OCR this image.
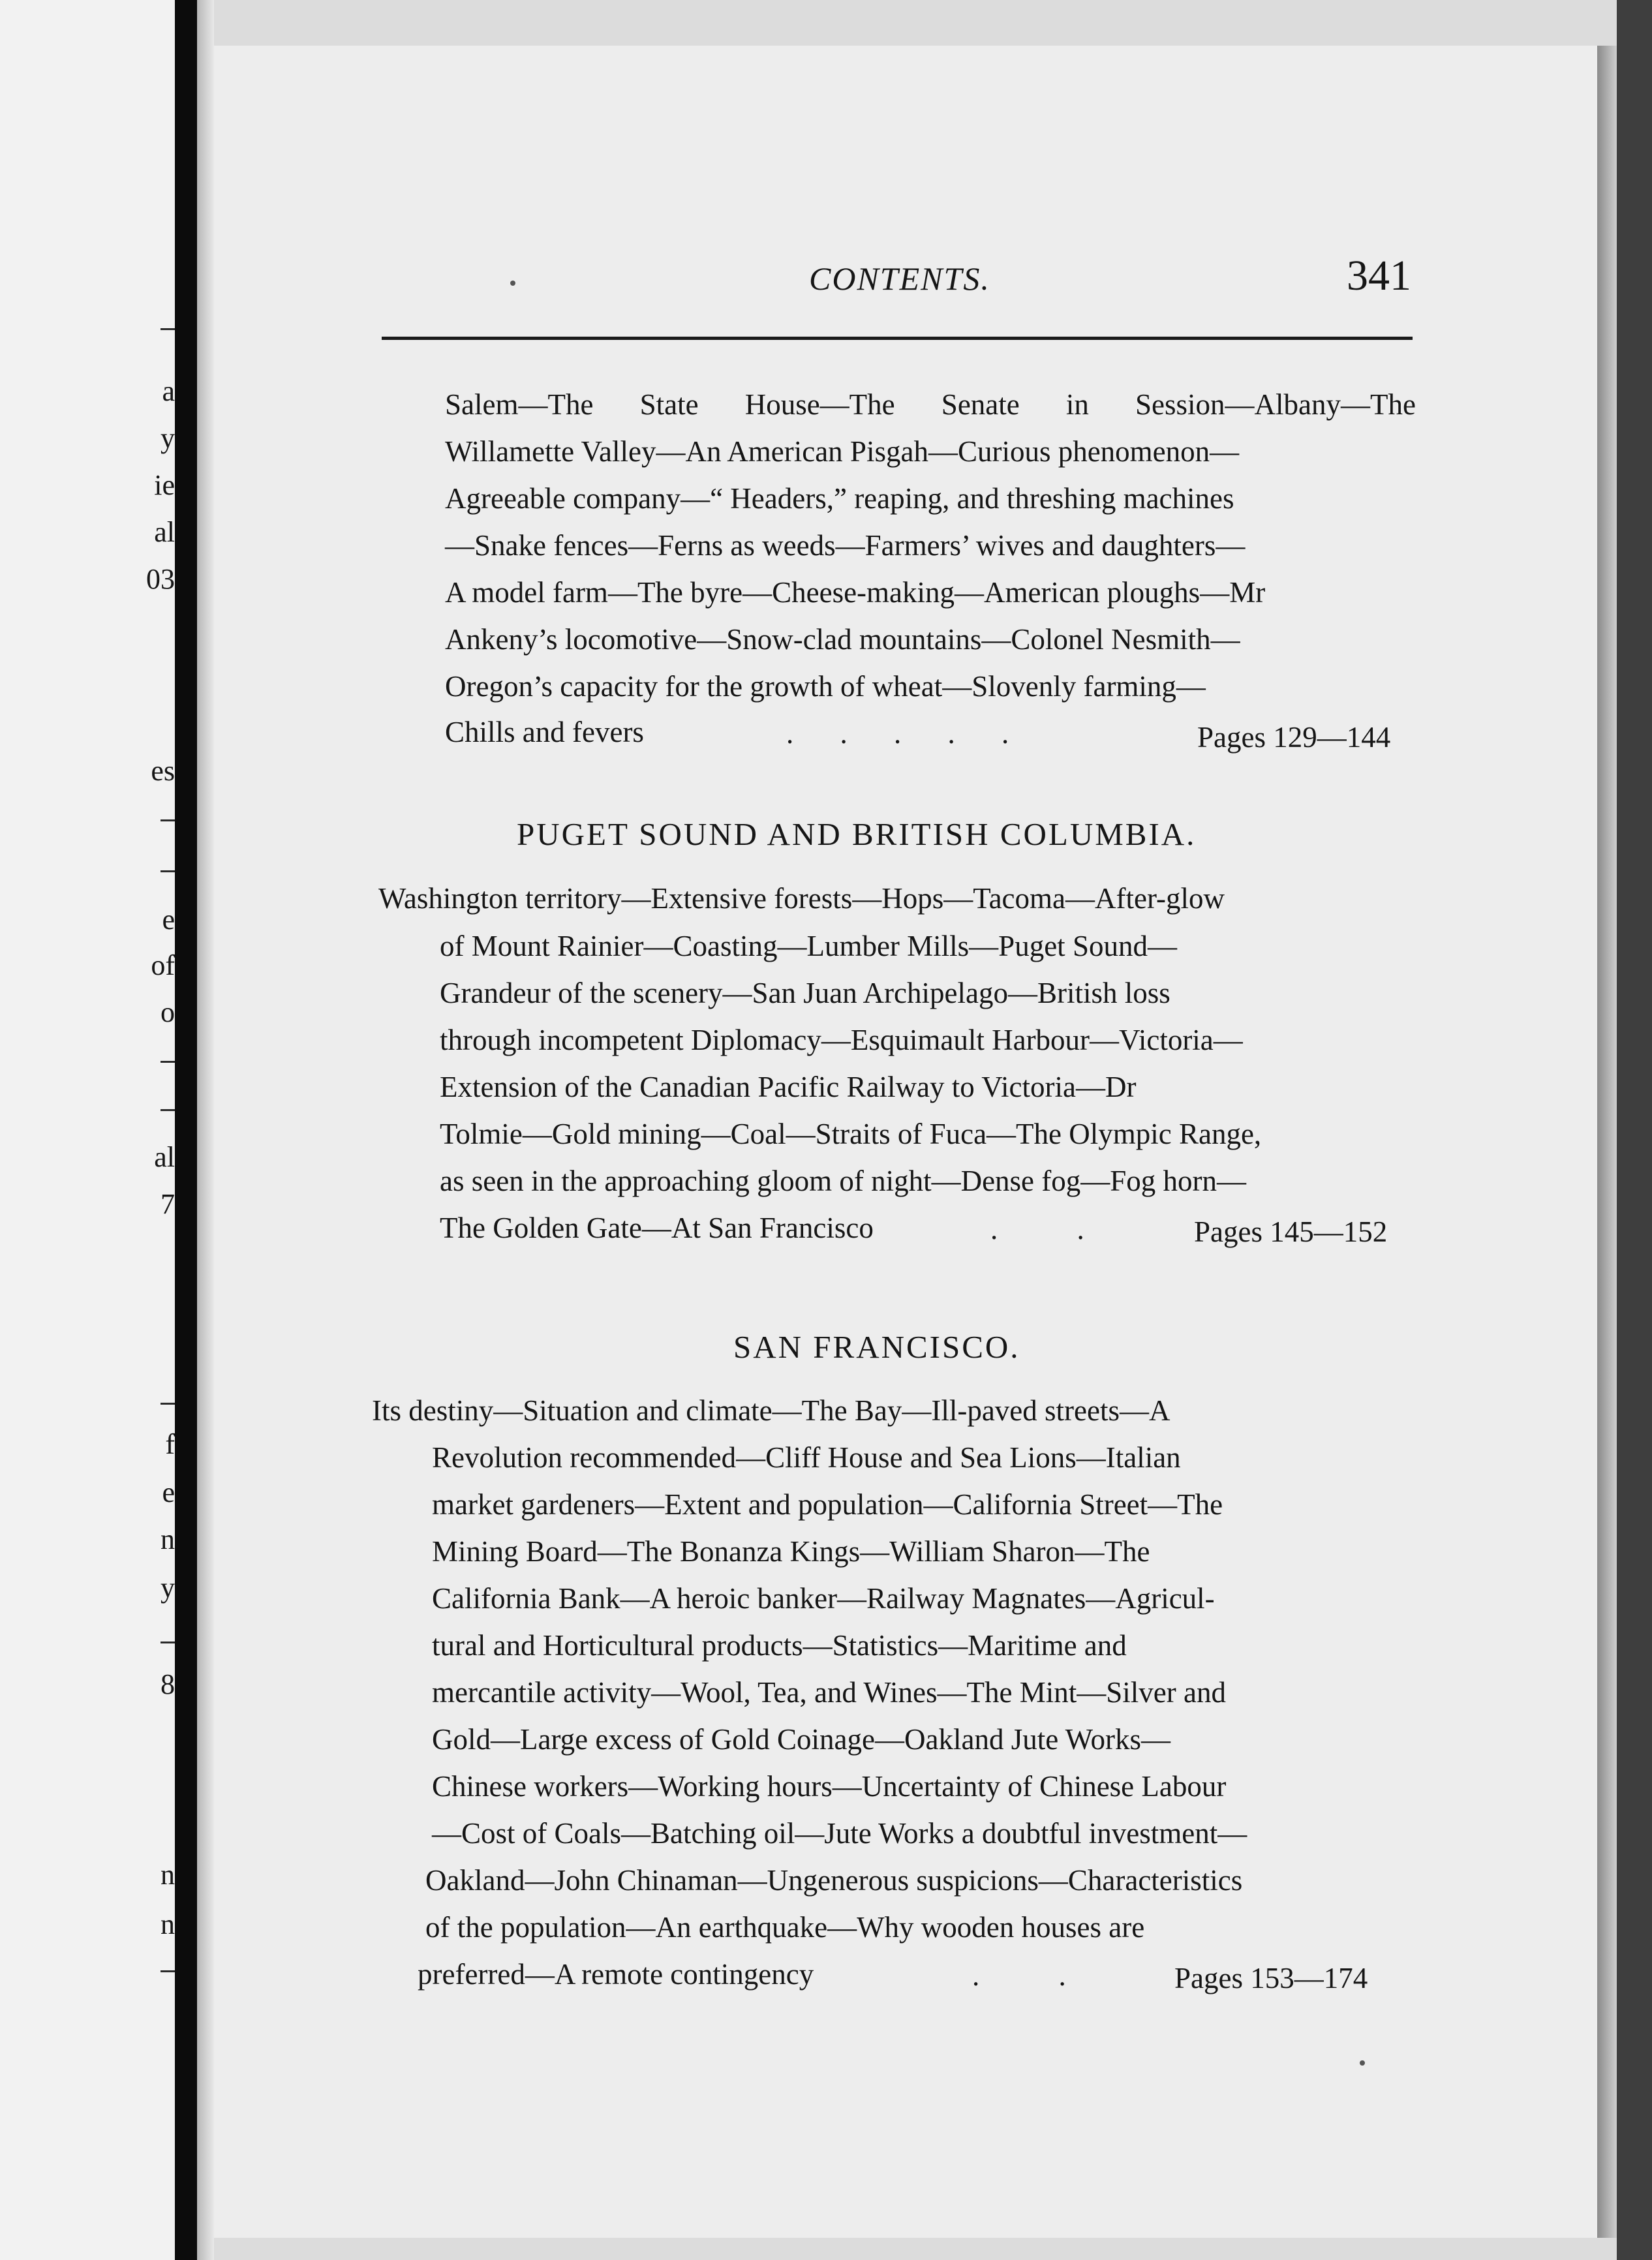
a
y
ie
al
03
es
e
of
o
al
7
f
e
n
y
8
n
n
CONTENTS.	341
Salem—The State House—The Senate in Session—Albany—The
Willamette Valley—An American Pisgah—Curious phenomenon—
Agreeable company—“ Headers,” reaping, and threshing machines
—Snake fences—Ferns as weeds—Farmers’ wives and daughters—
A model farm—The byre—Cheese-making—American ploughs—Mr
Ankeny’s locomotive—Snow-clad mountains—Colonel Nesmith—
Oregon’s capacity for the growth of wheat—Slovenly farming—
Chills and fevers	. . . . .	Pages 129—144
PUGET SOUND AND BRITISH COLUMBIA.
Washington territory—Extensive forests—Hops—Tacoma—After-glow
of Mount Rainier—Coasting—Lumber Mills—Puget Sound—
Grandeur of the scenery—San Juan Archipelago—British loss
through incompetent Diplomacy—Esquimault Harbour—Victoria—
Extension of the Canadian Pacific Railway to Victoria—Dr
Tolmie—Gold mining—Coal—Straits of Fuca—The Olympic Range,
as seen in the approaching gloom of night—Dense fog—Fog horn—
The Golden Gate—At San Francisco	. .	Pages 145—152
SAN FRANCISCO.
Its destiny—Situation and climate—The Bay—Ill-paved streets—A
Revolution recommended—Cliff House and Sea Lions—Italian
market gardeners—Extent and population—California Street—The
Mining Board—The Bonanza Kings—William Sharon—The
California Bank—A heroic banker—Railway Magnates—Agricul-
tural and Horticultural products—Statistics—Maritime and
mercantile activity—Wool, Tea, and Wines—The Mint—Silver and
Gold—Large excess of Gold Coinage—Oakland Jute Works—
Chinese workers—Working hours—Uncertainty of Chinese Labour
—Cost of Coals—Batching oil—Jute Works a doubtful investment—
Oakland—John Chinaman—Ungenerous suspicions—Characteristics
of the population—An earthquake—Why wooden houses are
preferred—A remote contingency	. .	Pages 153—174
